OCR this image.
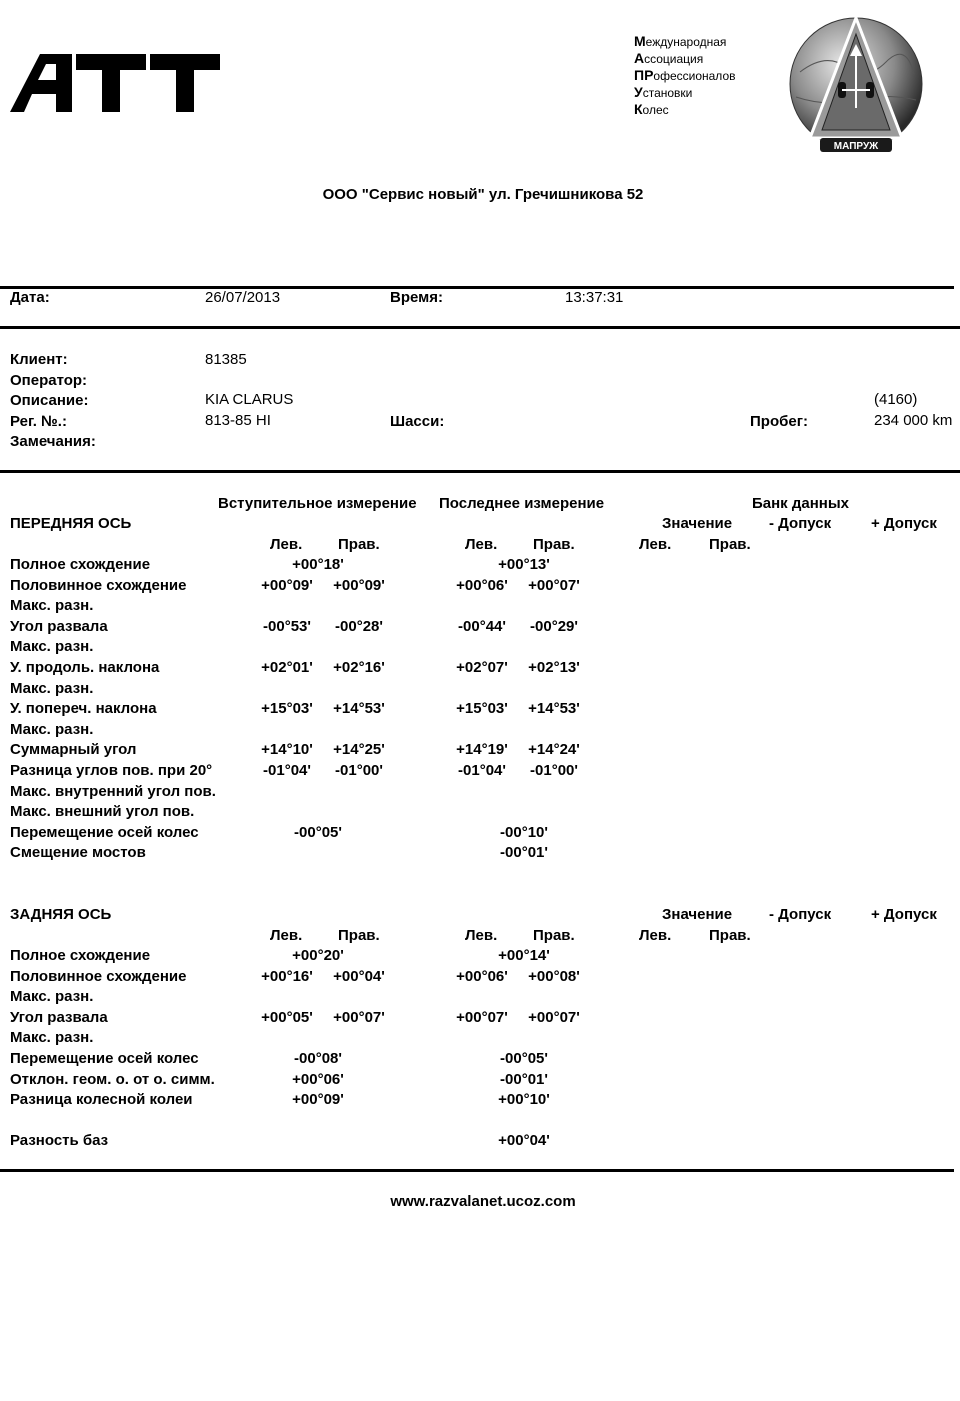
Международная
Ассоциация
ПРофессионалов
Установки
Колес
МАПРУЖ
ООО "Сервис новый" ул. Гречишникова 52
Дата:	26/07/2013	Время:	13:37:31
Клиент:	81385
Оператор:
Описание:	KIA CLARUS	(4160)
Рег. №.:	813-85 HI	Шасси:	Пробег:	234 000 km
Замечания:
Вступительное измерение Последнее измерение	Банк данных
ПЕРЕДНЯЯ ОСЬ	Значение - Допуск	+ Допуск
Лев. Прав.	Лев. Прав.	Лев.	Прав.
Полное схождение	+00°18'	+00°13'
Половинное схождение	+00°09'	+00°09'	+00°06'	+00°07'
Макс. разн.
Угол развала	-00°53'	-00°28'	-00°44'	-00°29'
Макс. разн.
У. продоль. наклона	+02°01'	+02°16'	+02°07'	+02°13'
Макс. разн.
У. попереч. наклона	+15°03'	+14°53'	+15°03'	+14°53'
Макс. разн.
Суммарный угол	+14°10'	+14°25'	+14°19'	+14°24'
Разница углов пов. при 20°	-01°04'	-01°00'	-01°04'	-01°00'
Макс. внутренний угол пов.
Макс. внешний угол пов.
Перемещение осей колес	-00°05'	-00°10'
Смещение мостов	-00°01'
ЗАДНЯЯ ОСЬ	Значение - Допуск	+ Допуск
Лев. Прав.	Лев. Прав.	Лев.	Прав.
Полное схождение	+00°20'	+00°14'
Половинное схождение	+00°16'	+00°04'	+00°06'	+00°08'
Макс. разн.
Угол развала	+00°05'	+00°07'	+00°07'	+00°07'
Макс. разн.
Перемещение осей колес	-00°08'	-00°05'
Отклон. геом. о. от о. симм.	+00°06'	-00°01'
Разница колесной колеи	+00°09'	+00°10'
Разность баз	+00°04'
www.razvalanet.ucoz.com
